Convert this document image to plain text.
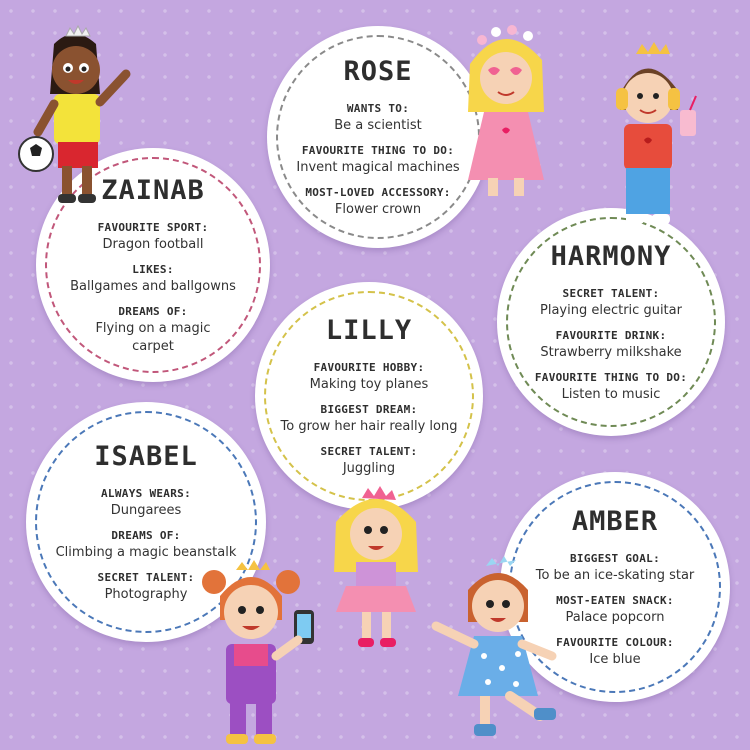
ROSE
WANTS TO:
Be a scientist
FAVOURITE THING TO DO:
Invent magical machines
MOST-LOVED ACCESSORY:
Flower crown
ZAINAB
FAVOURITE SPORT:
Dragon football
LIKES:
Ballgames and ballgowns
DREAMS OF:
Flying on a magic carpet
HARMONY
SECRET TALENT:
Playing electric guitar
FAVOURITE DRINK:
Strawberry milkshake
FAVOURITE THING TO DO:
Listen to music
LILLY
FAVOURITE HOBBY:
Making toy planes
BIGGEST DREAM:
To grow her hair really long
SECRET TALENT:
Juggling
ISABEL
ALWAYS WEARS:
Dungarees
DREAMS OF:
Climbing a magic beanstalk
SECRET TALENT:
Photography
AMBER
BIGGEST GOAL:
To be an ice-skating star
MOST-EATEN SNACK:
Palace popcorn
FAVOURITE COLOUR:
Ice blue
